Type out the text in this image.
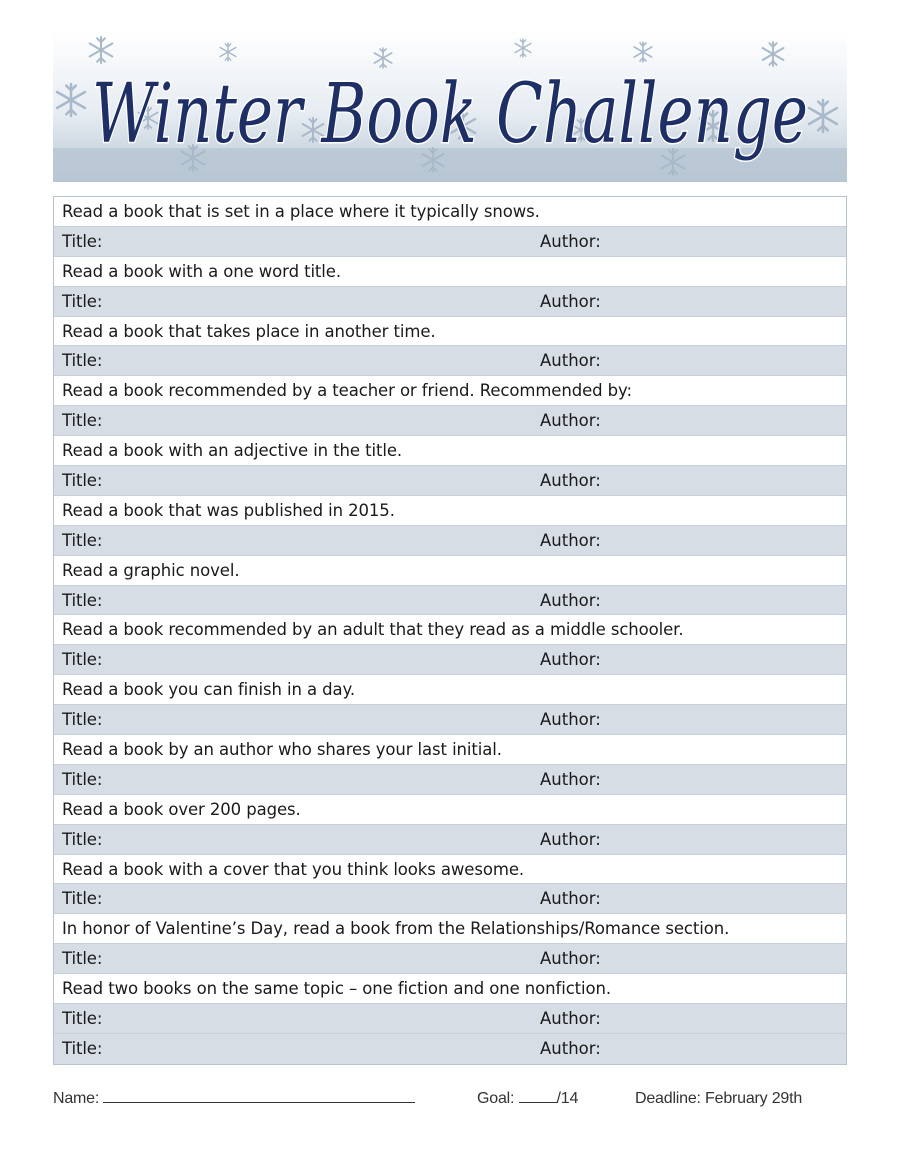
Winter Book Challenge
Read a book that is set in a place where it typically snows.
Title:	Author:
Read a book with a one word title.
Title:	Author:
Read a book that takes place in another time.
Title:	Author:
Read a book recommended by a teacher or friend. Recommended by:
Title:	Author:
Read a book with an adjective in the title.
Title:	Author:
Read a book that was published in 2015.
Title:	Author:
Read a graphic novel.
Title:	Author:
Read a book recommended by an adult that they read as a middle schooler.
Title:	Author:
Read a book you can finish in a day.
Title:	Author:
Read a book by an author who shares your last initial.
Title:	Author:
Read a book over 200 pages.
Title:	Author:
Read a book with a cover that you think looks awesome.
Title:	Author:
In honor of Valentine’s Day, read a book from the Relationships/Romance section.
Title:	Author:
Read two books on the same topic – one fiction and one nonfiction.
Title:	Author:
Title:	Author:
Name:	Goal:	/14	Deadline: February 29th
